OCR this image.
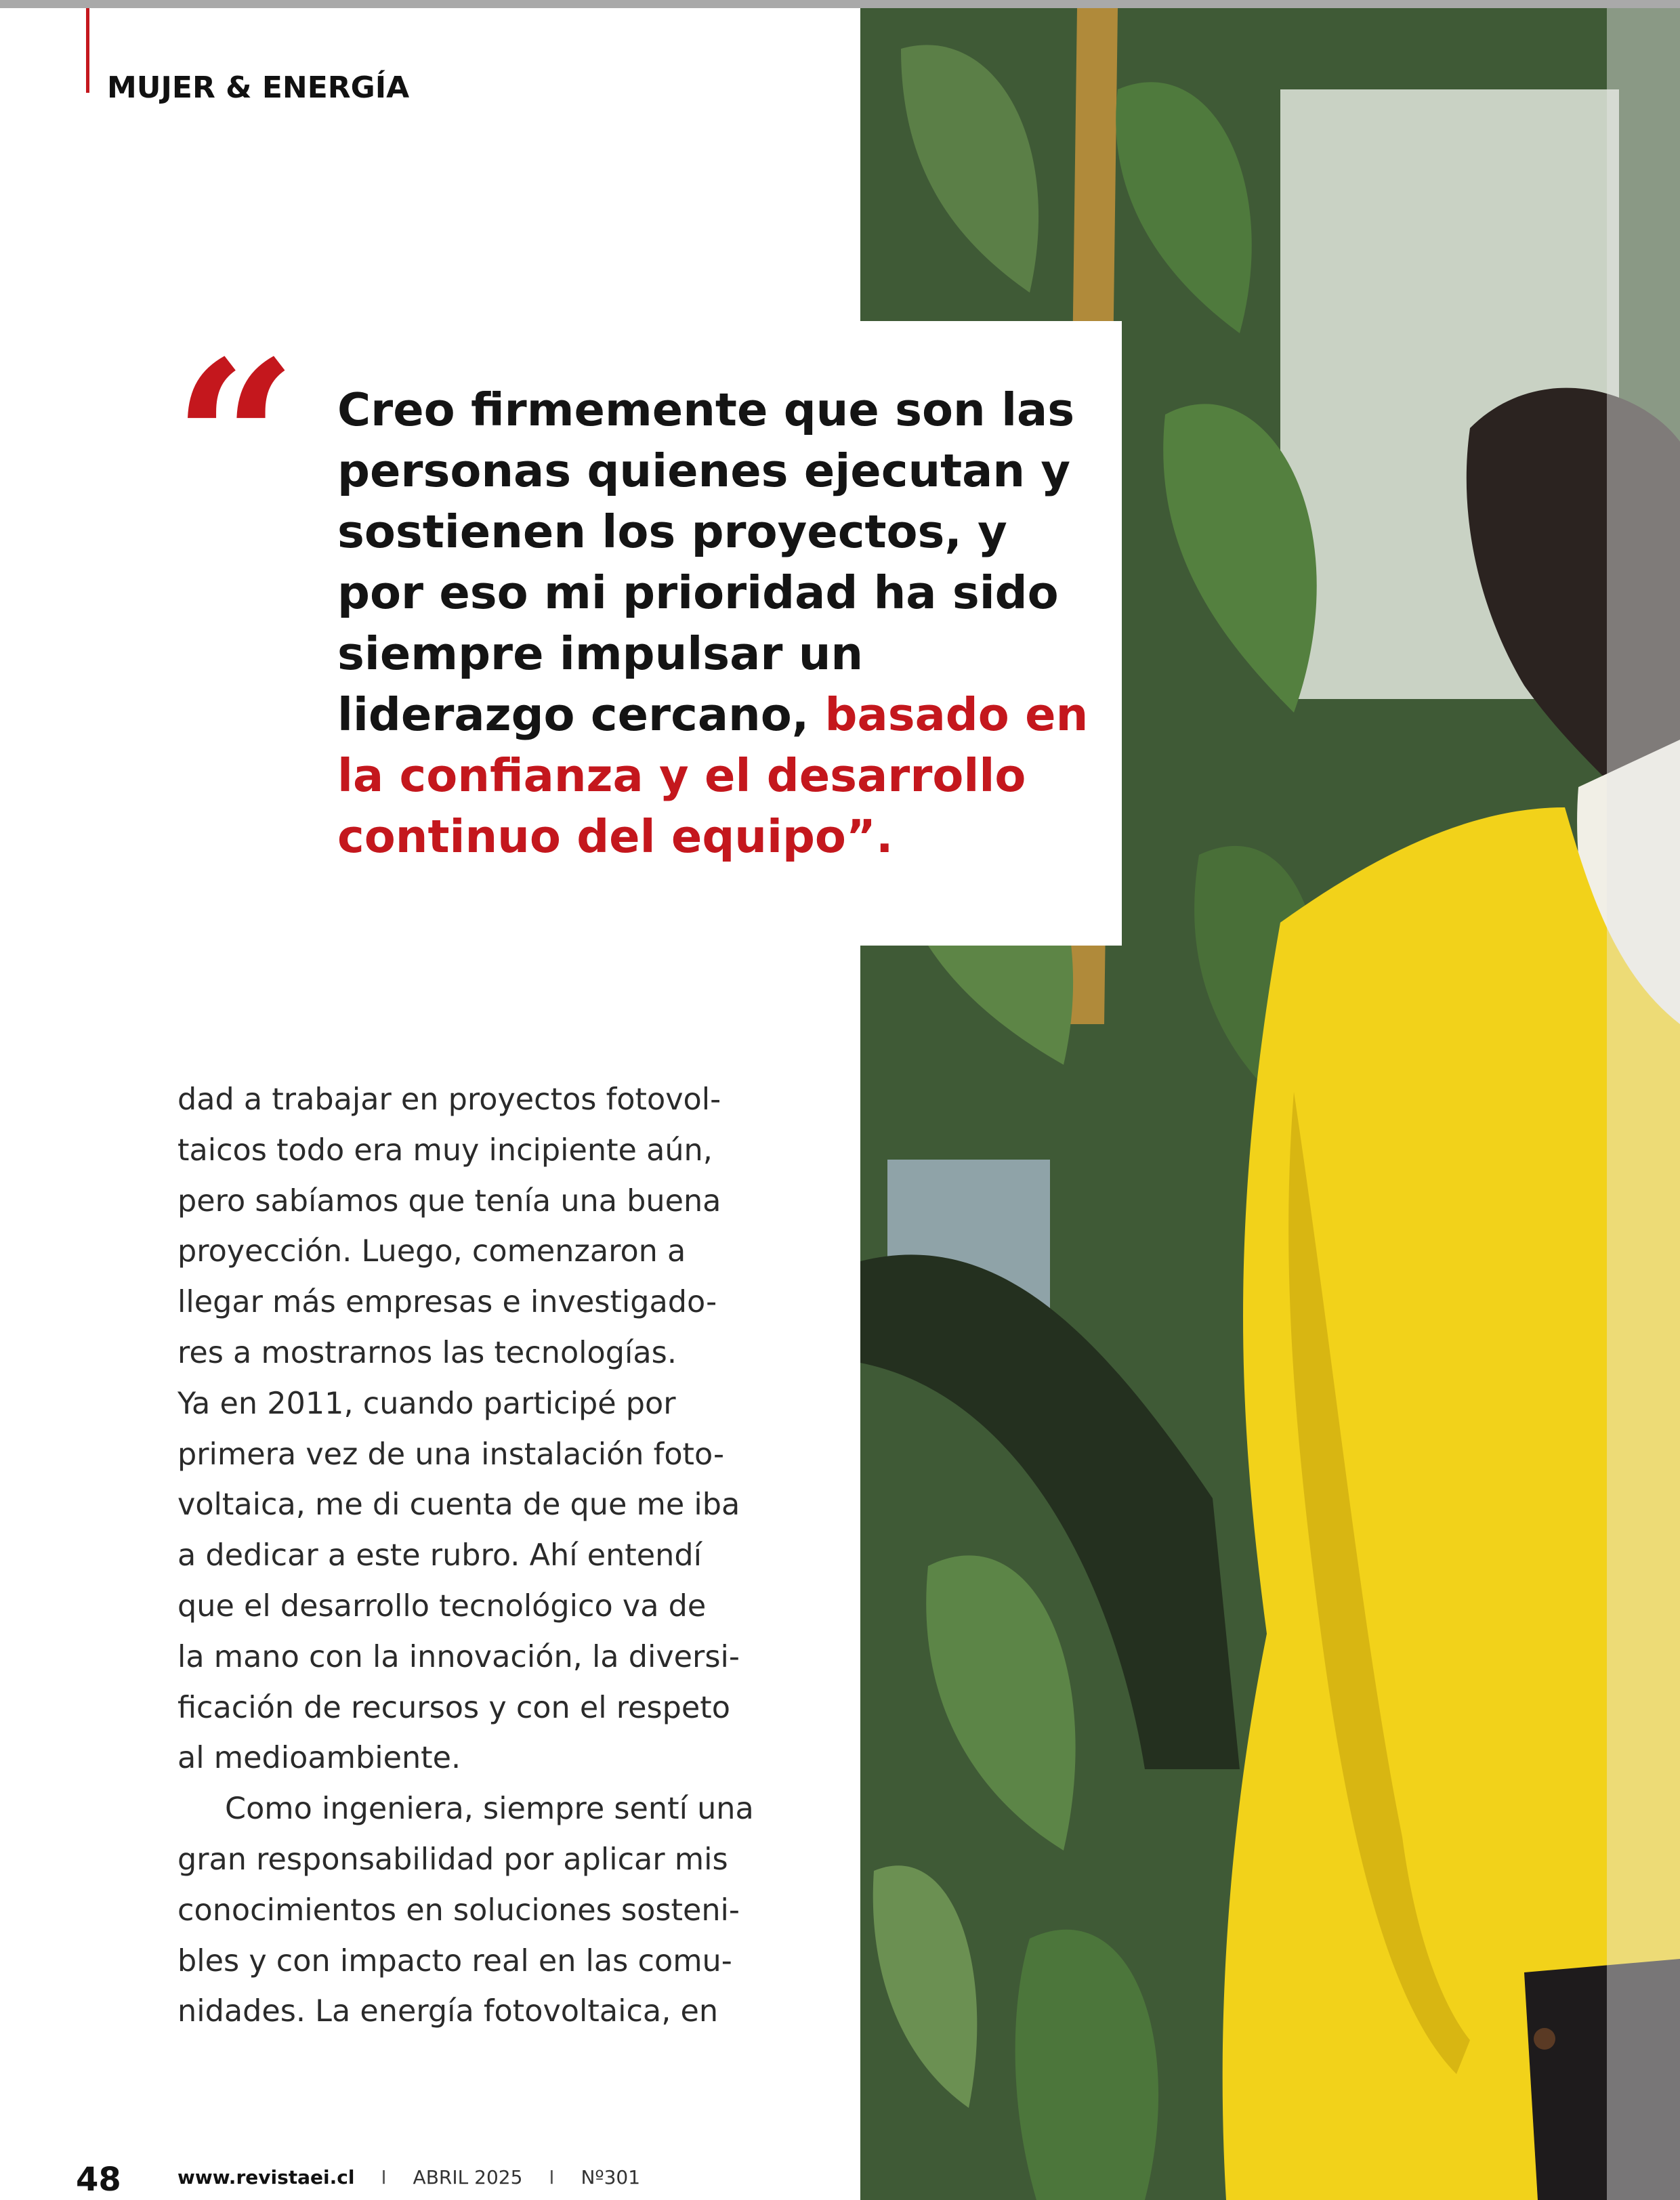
MUJER & ENERGÍA
“ Creo firmemente que son las personas quienes ejecutan y sostienen los proyectos, y por eso mi prioridad ha sido siempre impulsar un liderazgo cercano, basado en la confianza y el desarrollo continuo del equipo”.
dad a trabajar en proyectos fotovol-
taicos todo era muy incipiente aún,
pero sabíamos que tenía una buena
proyección. Luego, comenzaron a
llegar más empresas e investigado-
res a mostrarnos las tecnologías.
Ya en 2011, cuando participé por
primera vez de una instalación foto-
voltaica, me di cuenta de que me iba
a dedicar a este rubro. Ahí entendí
que el desarrollo tecnológico va de
la mano con la innovación, la diversi-
ficación de recursos y con el respeto
al medioambiente.
Como ingeniera, siempre sentí una
gran responsabilidad por aplicar mis
conocimientos en soluciones sosteni-
bles y con impacto real en las comu-
nidades. La energía fotovoltaica, en
48	www.revistaei.cl I ABRIL 2025 I Nº301
